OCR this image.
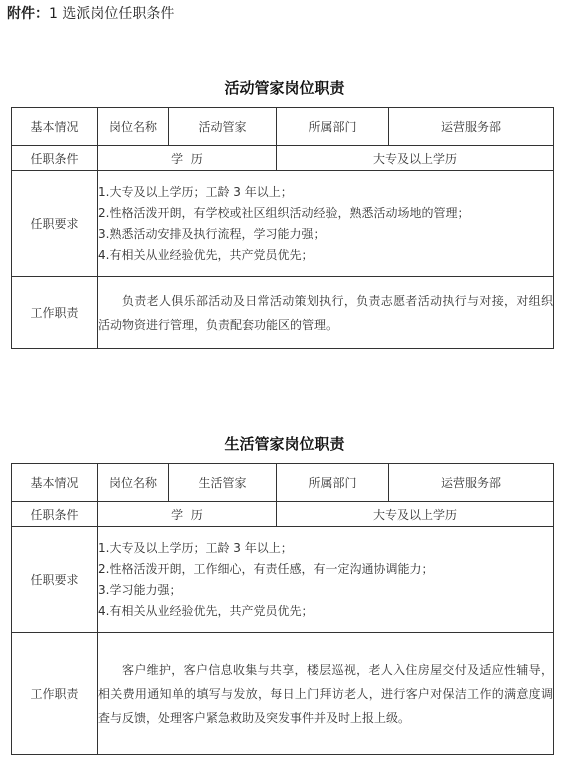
附件：1 选派岗位任职条件
活动管家岗位职责
基本情况	岗位名称	活动管家	所属部门	运营服务部
任职条件	学  历		大专及以上学历	
任职要求	1.大专及以上学历；工龄 3 年以上；
2.性格活泼开朗，有学校或社区组织活动经验，熟悉活动场地的管理；
3.熟悉活动安排及执行流程，学习能力强；
4.有相关从业经验优先，共产党员优先；			

工作职责	负责老人俱乐部活动及日常活动策划执行，负责志愿者活动执行与对接，对组织活动物资进行管理，负责配套功能区的管理。			
生活管家岗位职责
基本情况	岗位名称	生活管家	所属部门	运营服务部
任职条件	学  历		大专及以上学历	
任职要求	1.大专及以上学历；工龄 3 年以上；
2.性格活泼开朗，工作细心，有责任感，有一定沟通协调能力；
3.学习能力强；
4.有相关从业经验优先，共产党员优先；			

工作职责	客户维护，客户信息收集与共享，楼层巡视，老人入住房屋交付及适应性辅导，相关费用通知单的填写与发放，每日上门拜访老人，进行客户对保洁工作的满意度调查与反馈，处理客户紧急救助及突发事件并及时上报上级。			
